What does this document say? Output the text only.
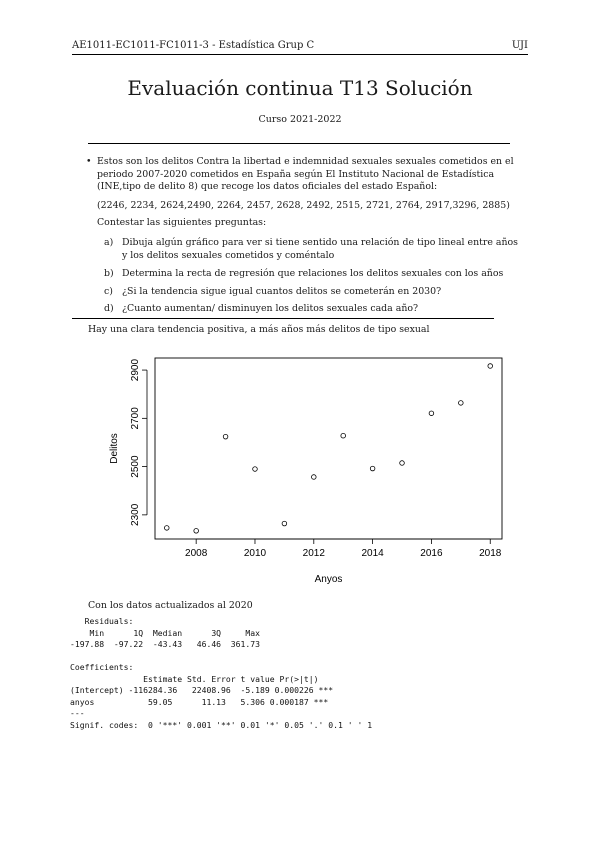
AE1011-EC1011-FC1011-3 - Estadística Grup C	UJI
Evaluación continua T13 Solución
Curso 2021-2022
• Estos son los delitos Contra la libertad e indemnidad sexuales sexuales cometidos en el periodo 2007-2020 cometidos en España según El Instituto Nacional de Estadística (INE,tipo de delito 8) que recoge los datos oficiales del estado Español:
(2246, 2234, 2624,2490, 2264, 2457, 2628, 2492, 2515, 2721, 2764, 2917,3296, 2885)
Contestar las siguientes preguntas:
a) Dibuja algún gráfico para ver si tiene sentido una relación de tipo lineal entre años y los delitos sexuales cometidos y coméntalo
b) Determina la recta de regresión que relaciones los delitos sexuales con los años
c) ¿Si la tendencia sigue igual cuantos delitos se cometerán en 2030?
d) ¿Cuanto aumentan/ disminuyen los delitos sexuales cada año?
Hay una clara tendencia positiva, a más años más delitos de tipo sexual
2008	2010	2012	2014	2016	2018
2300
2500
2700
2900
Anyos
Delitos
Con los datos actualizados al 2020
Residuals:
Min      1Q  Median      3Q     Max
-197.88  -97.22  -43.43   46.46  361.73

Coefficients:
Estimate Std. Error t value Pr(>|t|)
(Intercept) -116284.36   22408.96  -5.189 0.000226 ***
anyos           59.05      11.13   5.306 0.000187 ***
---
Signif. codes:  0 '***' 0.001 '**' 0.01 '*' 0.05 '.' 0.1 ' ' 1
